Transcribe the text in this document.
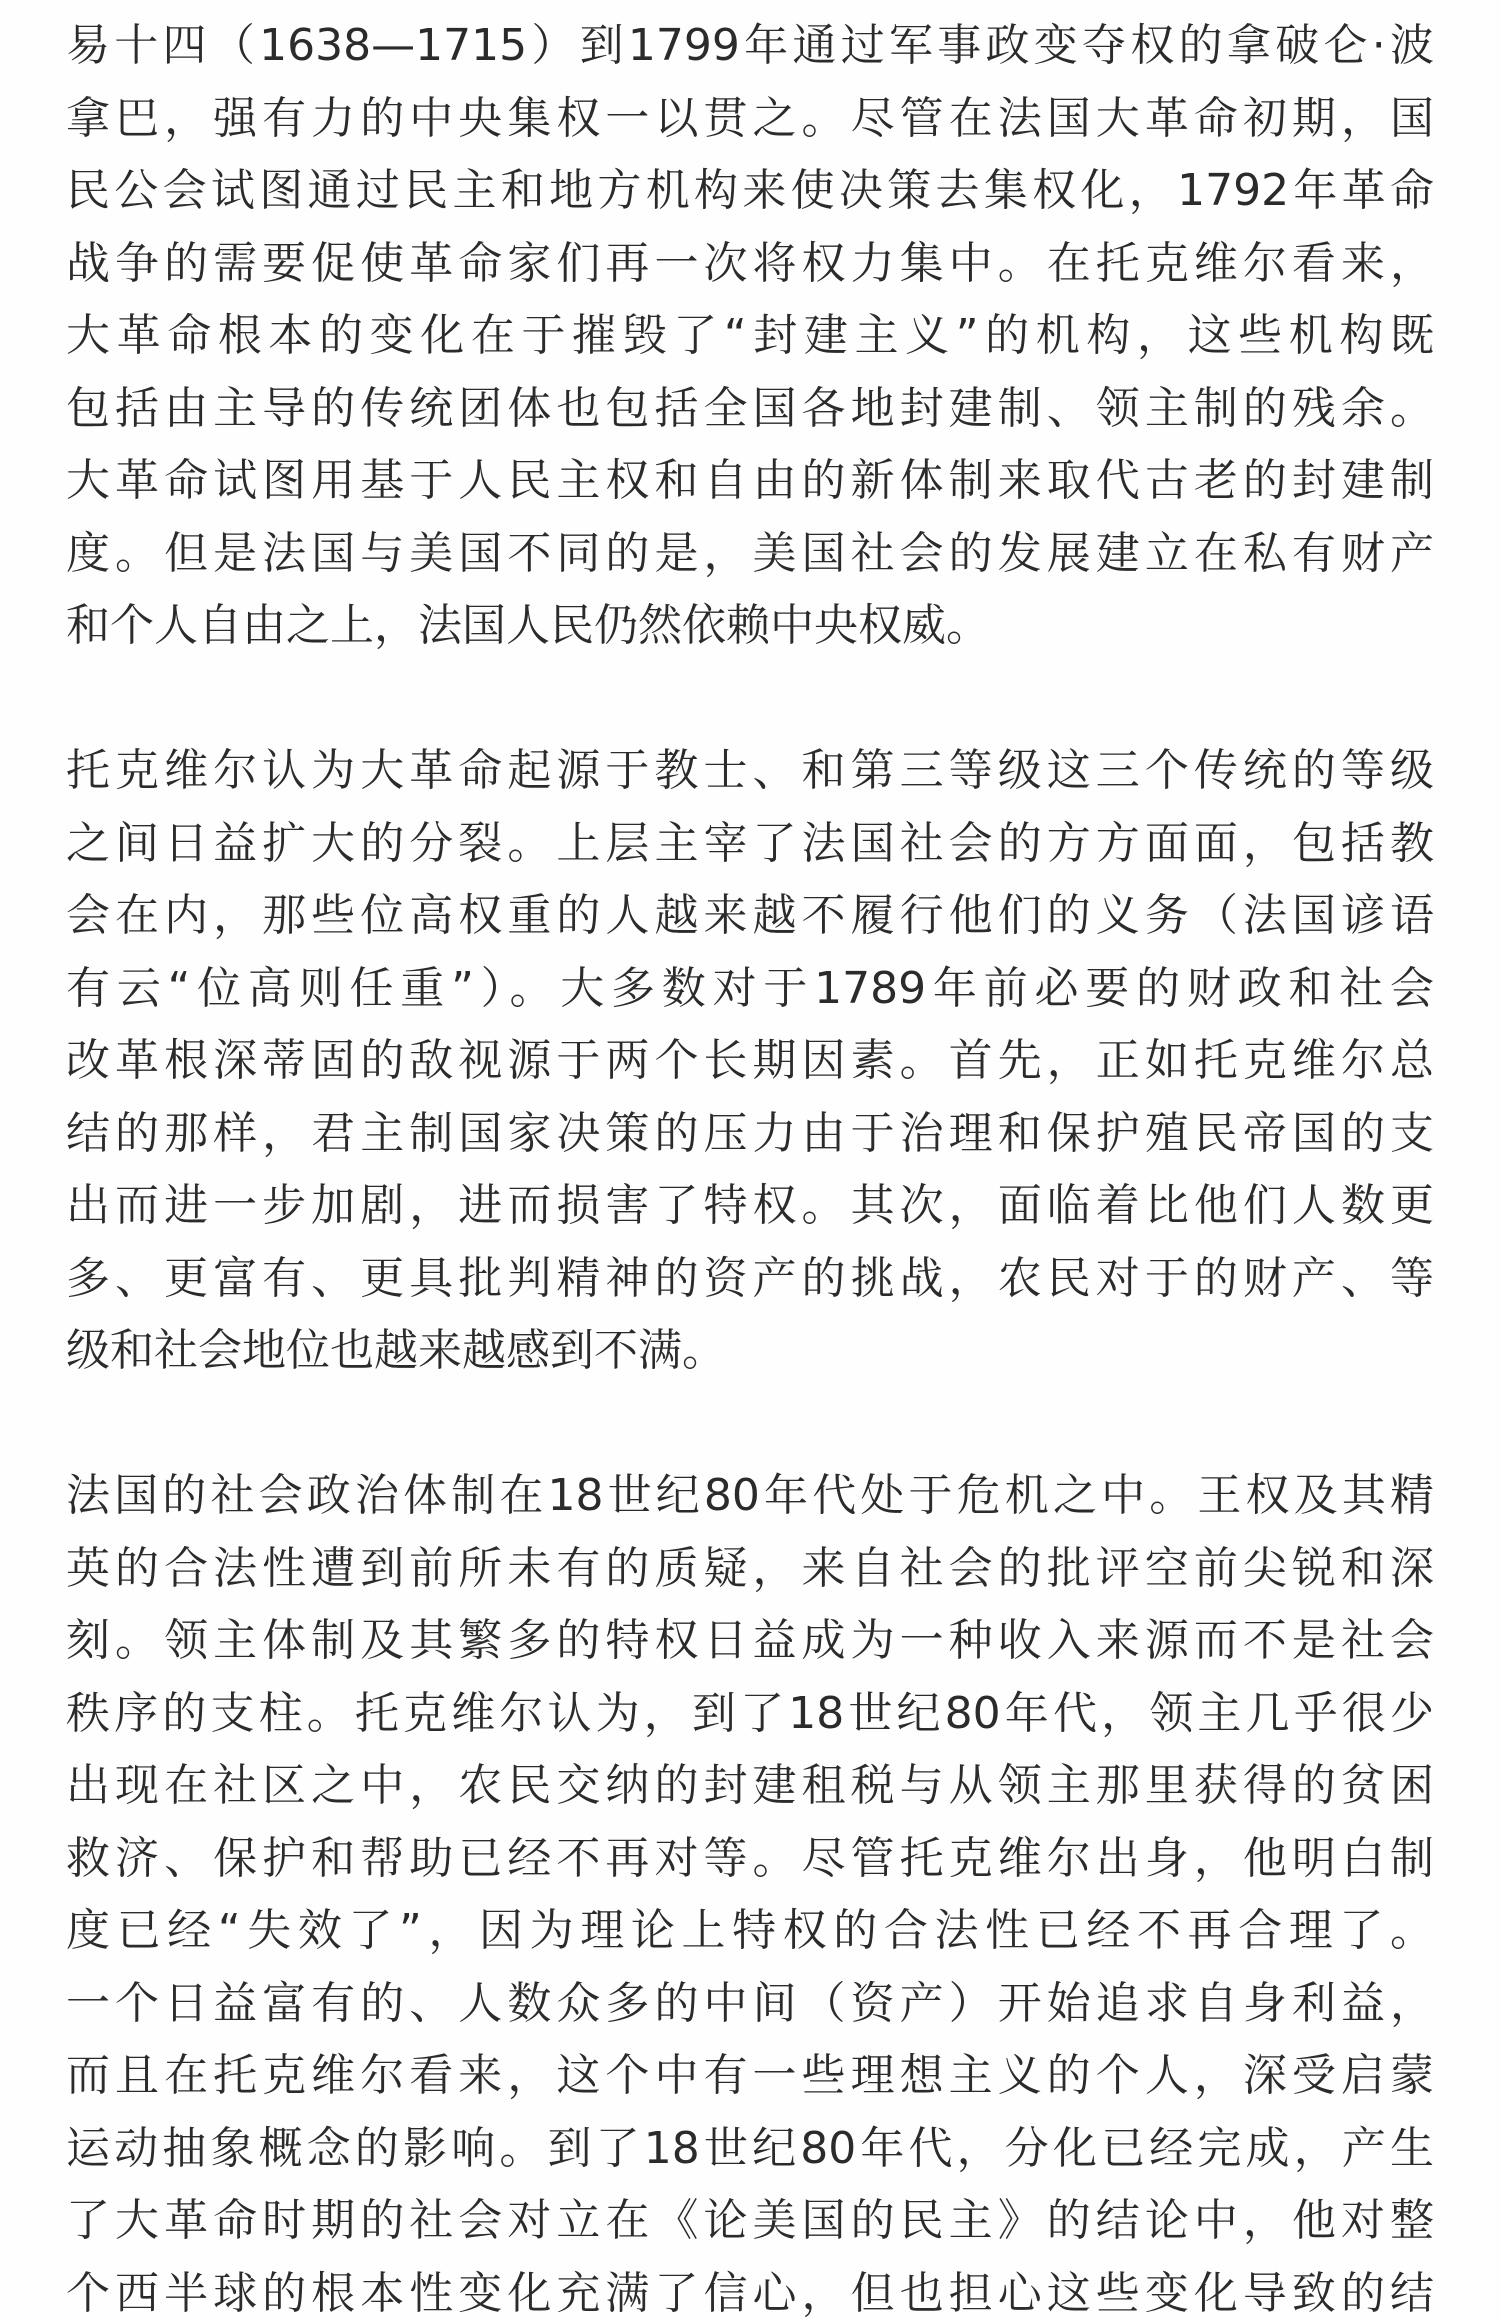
易十四（1638—1715）到1799年通过军事政变夺权的拿破仑·波
拿巴，强有力的中央集权一以贯之。尽管在法国大革命初期，国
民公会试图通过民主和地方机构来使决策去集权化，1792年革命
战争的需要促使革命家们再一次将权力集中。在托克维尔看来，
大革命根本的变化在于摧毁了“封建主义”的机构，这些机构既
包括由主导的传统团体也包括全国各地封建制、领主制的残余。
大革命试图用基于人民主权和自由的新体制来取代古老的封建制
度。但是法国与美国不同的是，美国社会的发展建立在私有财产
和个人自由之上，法国人民仍然依赖中央权威。
托克维尔认为大革命起源于教士、和第三等级这三个传统的等级
之间日益扩大的分裂。上层主宰了法国社会的方方面面，包括教
会在内，那些位高权重的人越来越不履行他们的义务（法国谚语
有云“位高则任重”）。大多数对于1789年前必要的财政和社会
改革根深蒂固的敌视源于两个长期因素。首先，正如托克维尔总
结的那样，君主制国家决策的压力由于治理和保护殖民帝国的支
出而进一步加剧，进而损害了特权。其次，面临着比他们人数更
多、更富有、更具批判精神的资产的挑战，农民对于的财产、等
级和社会地位也越来越感到不满。
法国的社会政治体制在18世纪80年代处于危机之中。王权及其精
英的合法性遭到前所未有的质疑，来自社会的批评空前尖锐和深
刻。领主体制及其繁多的特权日益成为一种收入来源而不是社会
秩序的支柱。托克维尔认为，到了18世纪80年代，领主几乎很少
出现在社区之中，农民交纳的封建租税与从领主那里获得的贫困
救济、保护和帮助已经不再对等。尽管托克维尔出身，他明白制
度已经“失效了”，因为理论上特权的合法性已经不再合理了。
一个日益富有的、人数众多的中间（资产）开始追求自身利益，
而且在托克维尔看来，这个中有一些理想主义的个人，深受启蒙
运动抽象概念的影响。到了18世纪80年代，分化已经完成，产生
了大革命时期的社会对立在《论美国的民主》的结论中，他对整
个西半球的根本性变化充满了信心，但也担心这些变化导致的结
